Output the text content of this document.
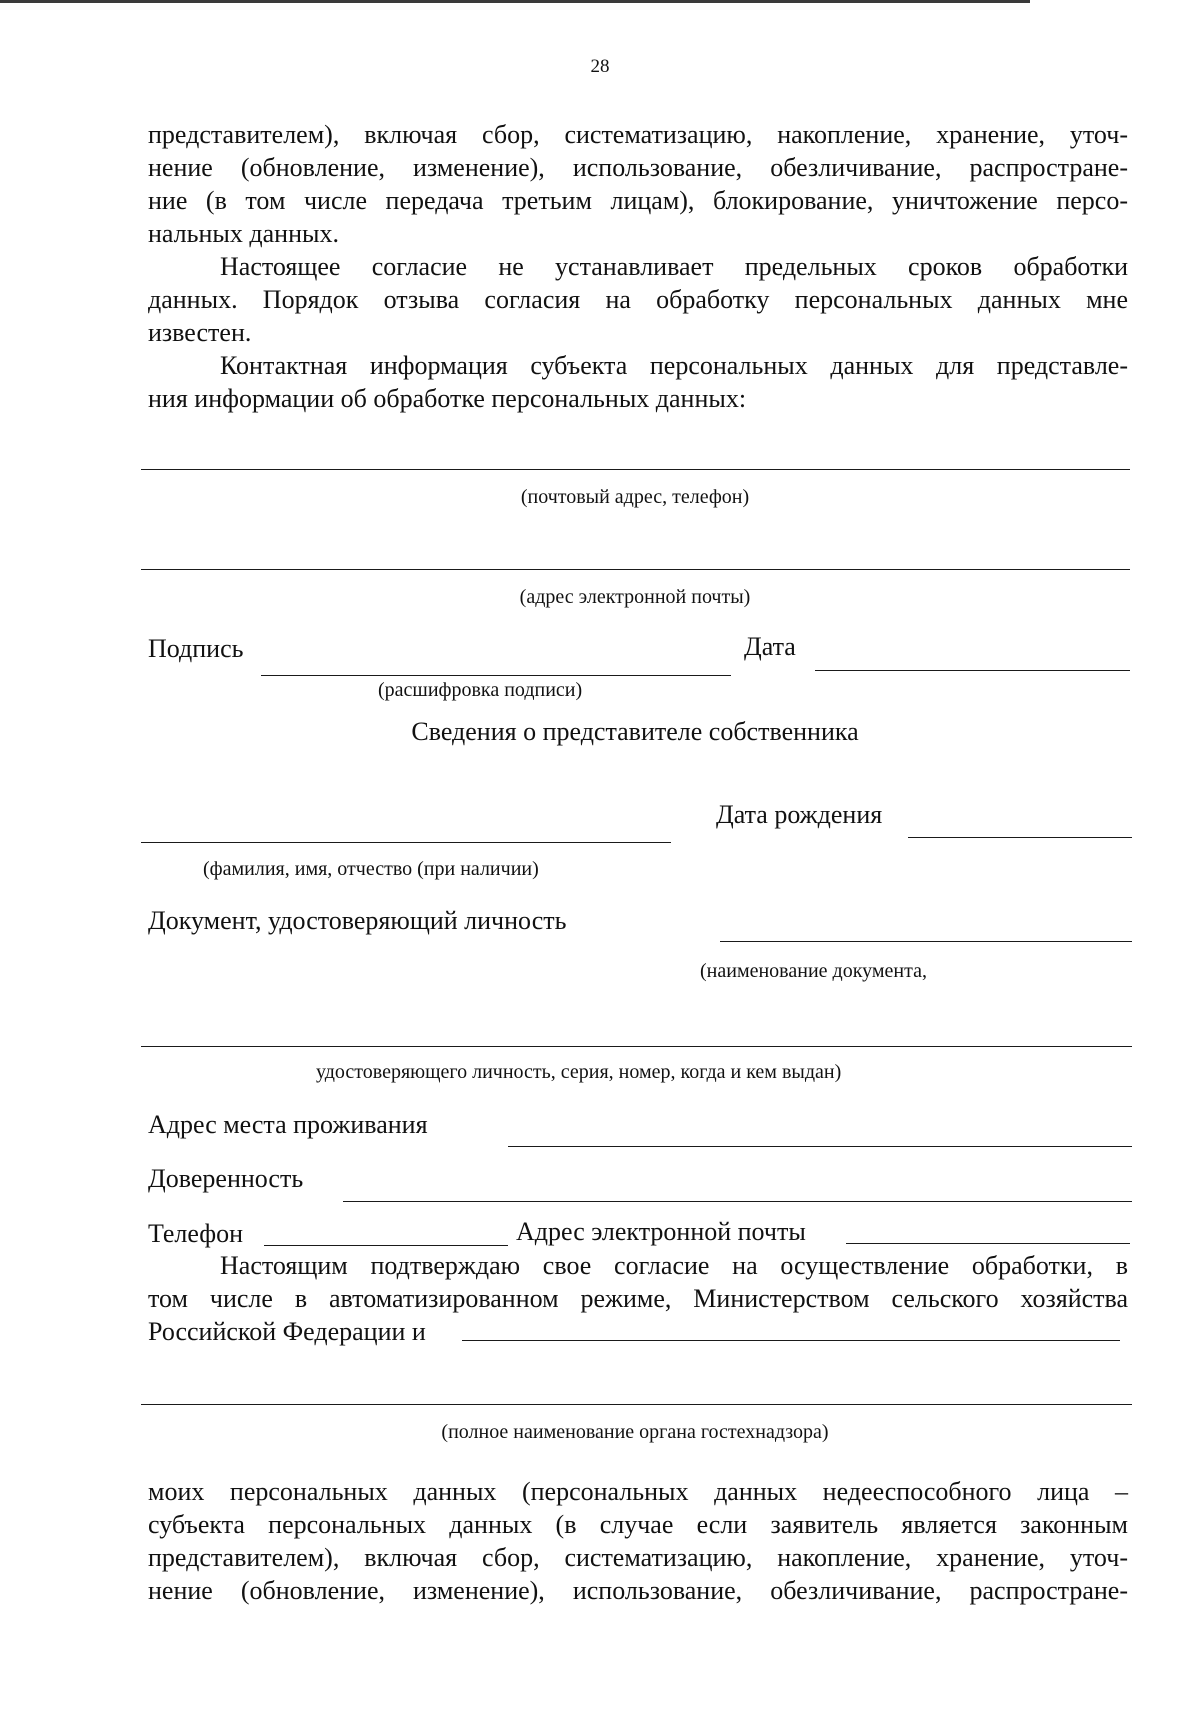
28
представителем), включая сбор, систематизацию, накопление, хранение, уточ-
нение (обновление, изменение), использование, обезличивание, распространe-
ние (в том числе передача третьим лицам), блокирование, уничтожение персо-
нальных данных.
Настоящее согласие не устанавливает предельных сроков обработки
данных. Порядок отзыва согласия на обработку персональных данных мне
известен.
Контактная информация субъекта персональных данных для представле-
ния информации об обработке персональных данных:
(почтовый адрес, телефон)
(адрес электронной почты)
Подпись	Дата
(расшифровка подписи)
Сведения о представителе собственника
Дата рождения
(фамилия, имя, отчество (при наличии)
Документ, удостоверяющий личность
(наименование документа,
удостоверяющего личность, серия, номер, когда и кем выдан)
Адрес места проживания
Доверенность
Телефон	Адрес электронной почты
Настоящим подтверждаю свое согласие на осуществление обработки, в
том числе в автоматизированном режиме, Министерством сельского хозяйства
Российской Федерации и
(полное наименование органа гостехнадзора)
моих персональных данных (персональных данных недееспособного лица –
субъекта персональных данных (в случае если заявитель является законным
представителем), включая сбор, систематизацию, накопление, хранение, уточ-
нение (обновление, изменение), использование, обезличивание, распростране-
